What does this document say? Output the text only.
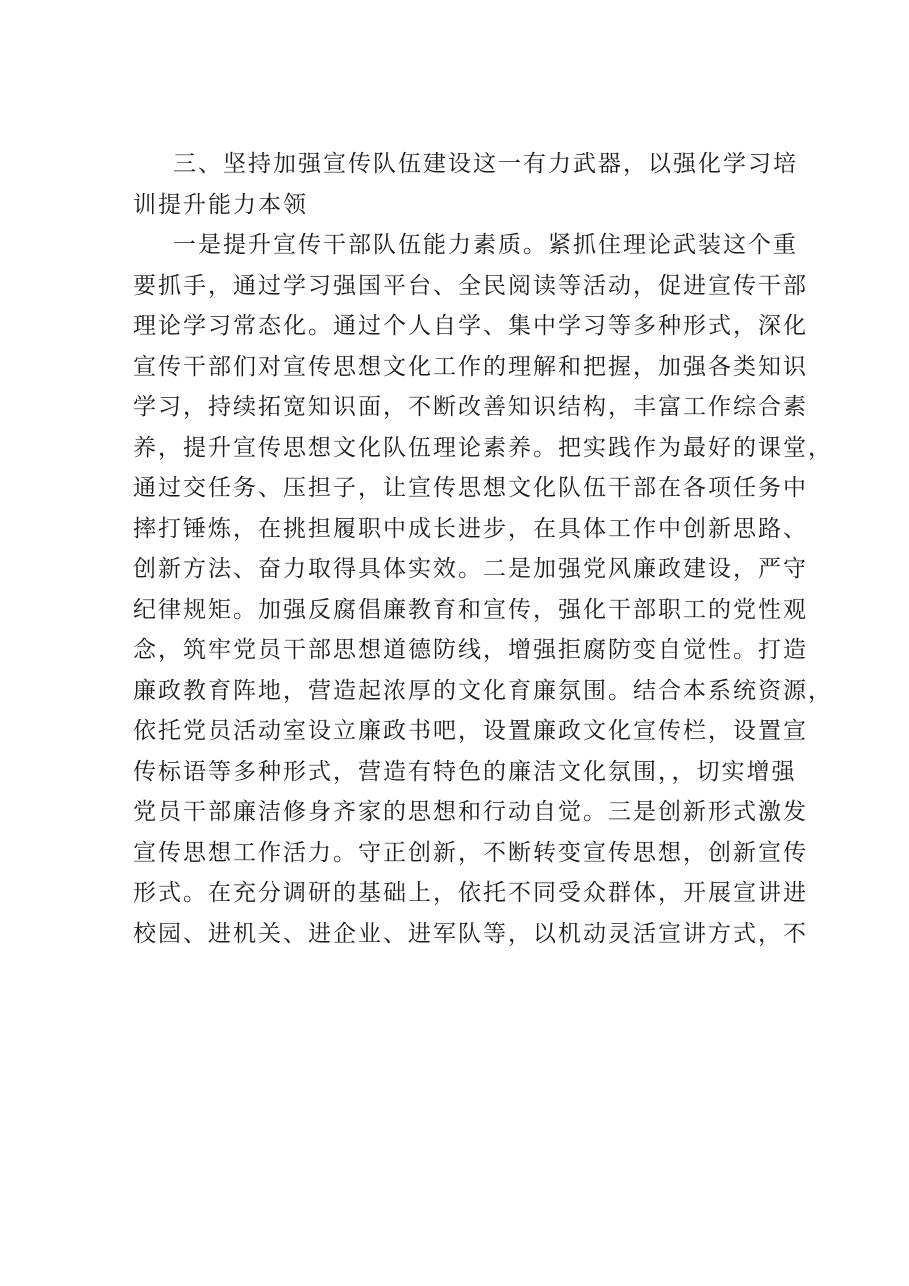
三、坚持加强宣传队伍建设这一有力武器，以强化学习培
训提升能力本领
一是提升宣传干部队伍能力素质。紧抓住理论武装这个重
要抓手，通过学习强国平台、全民阅读等活动，促进宣传干部
理论学习常态化。通过个人自学、集中学习等多种形式，深化
宣传干部们对宣传思想文化工作的理解和把握，加强各类知识
学习，持续拓宽知识面，不断改善知识结构，丰富工作综合素
养，提升宣传思想文化队伍理论素养。把实践作为最好的课堂，
通过交任务、压担子，让宣传思想文化队伍干部在各项任务中
摔打锤炼，在挑担履职中成长进步，在具体工作中创新思路、
创新方法、奋力取得具体实效。二是加强党风廉政建设，严守
纪律规矩。加强反腐倡廉教育和宣传，强化干部职工的党性观
念，筑牢党员干部思想道德防线，增强拒腐防变自觉性。打造
廉政教育阵地，营造起浓厚的文化育廉氛围。结合本系统资源，
依托党员活动室设立廉政书吧，设置廉政文化宣传栏，设置宣
传标语等多种形式，营造有特色的廉洁文化氛围，，切实增强
党员干部廉洁修身齐家的思想和行动自觉。三是创新形式激发
宣传思想工作活力。守正创新，不断转变宣传思想，创新宣传
形式。在充分调研的基础上，依托不同受众群体，开展宣讲进
校园、进机关、进企业、进军队等，以机动灵活宣讲方式，不
